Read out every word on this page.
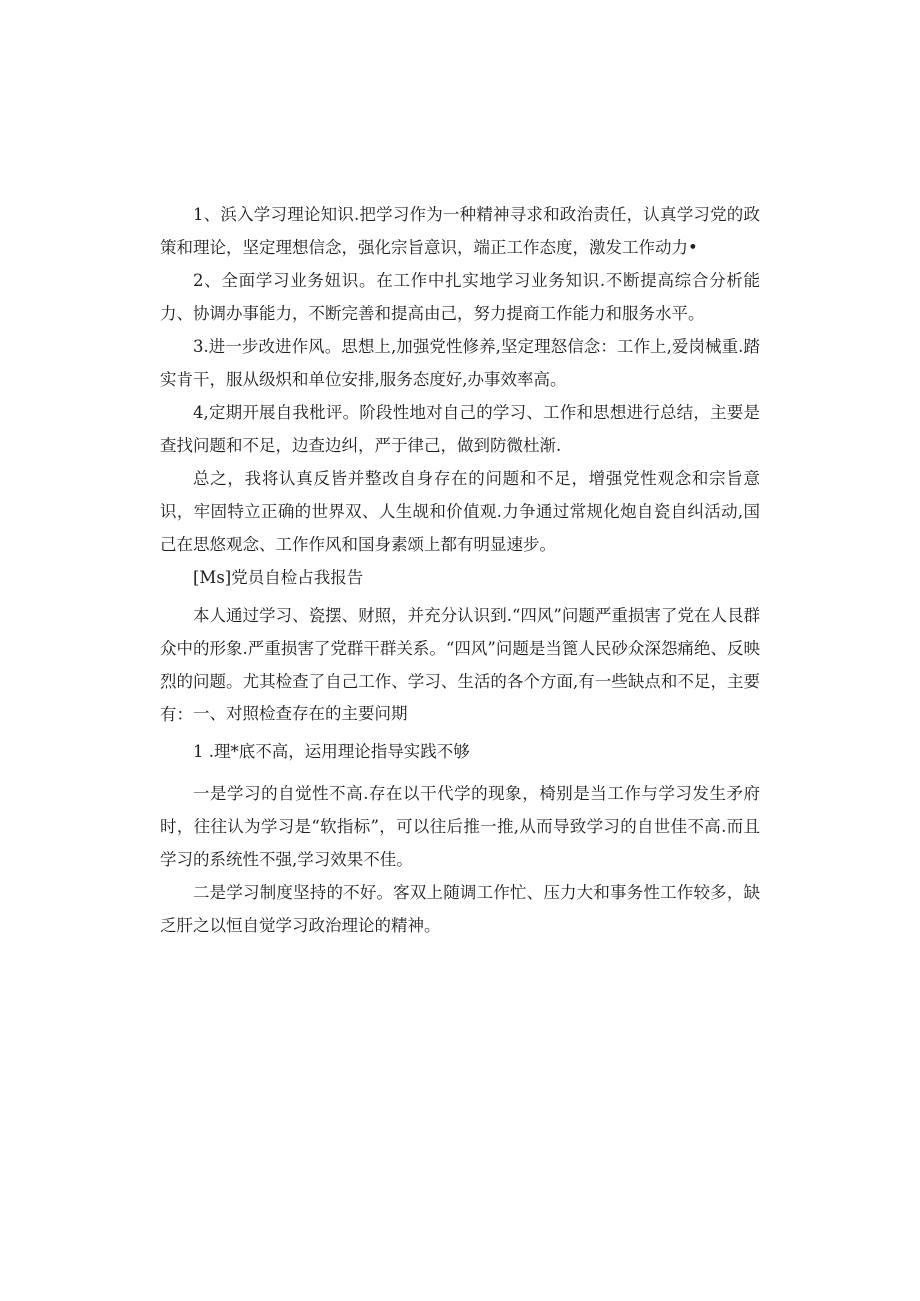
1、浜入学习理论知识.把学习作为一种精神寻求和政治责任，认真学习党的政策和理论，坚定理想信念，强化宗旨意识，端正工作态度，激发工作动力•

2、全面学习业务妞识。在工作中扎实地学习业务知识.不断提高综合分析能力、协调办事能力，不断完善和提高由己，努力提商工作能力和服务水平。

3.进一步改进作风。思想上,加强党性修养,坚定理怒信念：工作上,爱岗械重.踏实肯干，服从级炽和单位安排,服务态度好,办事效率高。

4,定期开展自我枇评。阶段性地对自己的学习、工作和思想进行总结，主要是查找问题和不足，边查边纠，严于律己，做到防微杜渐.

总之，我将认真反皆并整改自身存在的问题和不足，增强党性观念和宗旨意识，牢固特立正确的世界双、人生觇和价值观.力争通过常规化炮自瓷自纠活动,国己在思悠观念、工作作风和国身素颂上都有明显速步。

[Ms]党员自检占我报告

本人通过学习、瓷摆、财照，并充分认识到.“四风”问题严重损害了党在人艮群众中的形象.严重损害了党群干群关系。“四风”问题是当篦人民砂众深怨痛绝、反映烈的问题。尤其检查了自己工作、学习、生活的各个方面,有一些缺点和不足，主要有： 一、对照检查存在的主要问期

1 .理*底不高，运用理论指导实践不够

一是学习的自觉性不高.存在以干代学的现象，椅别是当工作与学习发生矛府时，往往认为学习是“软指标”，可以往后推一推,从而导致学习的自世佳不高.而且学习的系统性不强,学习效果不佳。

二是学习制度坚持的不好。客双上随调工作忙、压力大和事务性工作较多，缺乏肝之以恒自觉学习政治理论的精神。
